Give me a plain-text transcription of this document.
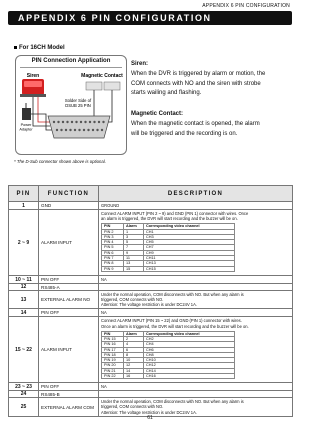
APPENDIX 6 PIN CONFIGURATION
APPENDIX 6 PIN CONFIGURATION
For 16CH Model
PIN Connection Application
Siren	Magnetic Contact
Power
Adapter
Solder Side of
DSUB 25 PIN
* The D-Sub connector shown above is optional.
Siren:
When the DVR is triggered by alarm or motion, the
COM connects with NO and the siren with strobe
starts wailing and flashing.
Magnetic Contact:
When the magnetic contact is opened, the alarm
will be triggered and the recording is on.
PIN	FUNCTION	DESCRIPTION
1	GND	GROUND

2 ~ 9	ALARM INPUT	
Connect ALARM INPUT (PIN 2 ~ 9) and GND (PIN 1) connector with wires. Once
an alarm is triggered, the DVR will start recording and the buzzer will be on.
PIN	Alarm	Corresponding video channel
PIN 2	1	CH1
PIN 3	3	CH3
PIN 4	5	CH5
PIN 5	7	CH7
PIN 6	9	CH9
PIN 7	11	CH11
PIN 8	13	CH13
PIN 9	15	CH15

10 ~ 11	PIN OFF	NA

12	RS485-A	

13	EXTERNAL ALARM NO	
Under the normal operation, COM disconnects with NO. But when any alarm is
triggered, COM connects with NO.
Attention: The voltage restriction is under DC24V 1A.

14	PIN OFF	NA

15 ~ 22	ALARM INPUT	
Connect ALARM INPUT (PIN 15 ~ 22) and GND (PIN 1) connector with wires.
Once an alarm is triggered, the DVR will start recording and the buzzer will be on.
PIN	Alarm	Corresponding video channel
PIN 15	2	CH2
PIN 16	4	CH4
PIN 17	6	CH6
PIN 18	8	CH8
PIN 19	10	CH10
PIN 20	12	CH12
PIN 21	14	CH14
PIN 22	16	CH16

23 ~ 23	PIN OFF	NA

24	RS485-B	

25	EXTERNAL ALARM COM	
Under the normal operation, COM disconnects with NO. But when any alarm is
triggered, COM connects with NO.
Attention: The voltage restriction is under DC24V 1A.
61
